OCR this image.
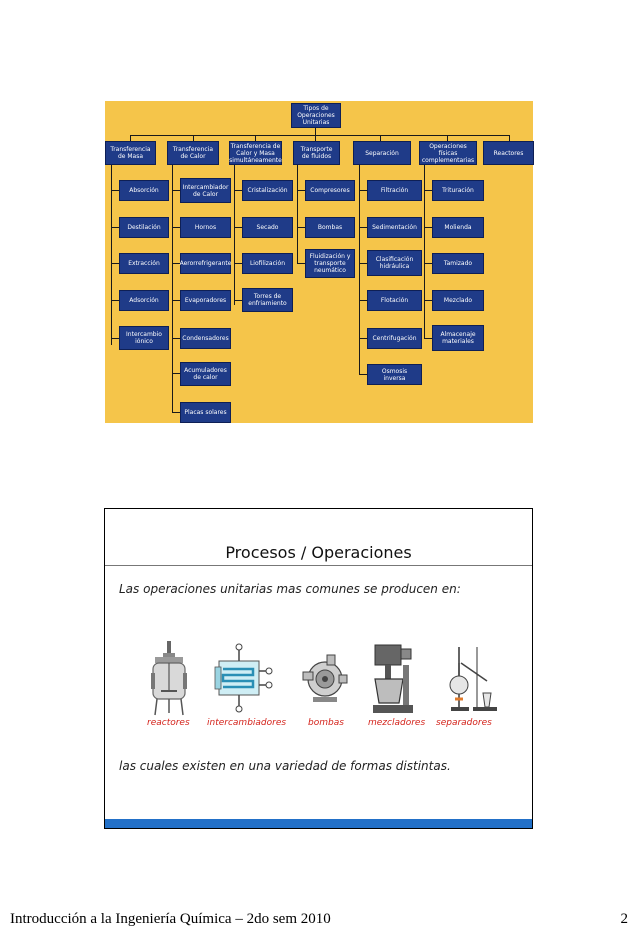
Tipos de Operaciones Unitarias
Transferencia de Masa
Transferencia de Calor
Transferencia de Calor y Masa simultáneamente
Transporte de fluidos	Separación
Operaciones físicas complementarias
Reactores
Absorción
Destilación
Extracción
Adsorción
Intercambio iónico
Intercambiador de Calor
Hornos
Aerorrefrigerante
Evaporadores
Condensadores
Acumuladores de calor
Placas solares
Cristalización
Secado
Liofilización
Torres de enfriamiento
Compresores
Bombas
Fluidización y transporte neumático
Filtración
Sedimentación
Clasificación hidráulica
Flotación
Centrifugación
Osmosis inversa
Trituración
Molienda
Tamizado
Mezclado
Almacenaje materiales
Procesos / Operaciones
Las operaciones unitarias mas comunes se producen en:
reactores intercambiadores bombas	mezcladores separadores
las cuales existen en una variedad de formas distintas.
Introducción a la Ingeniería Química – 2do sem 2010	2
